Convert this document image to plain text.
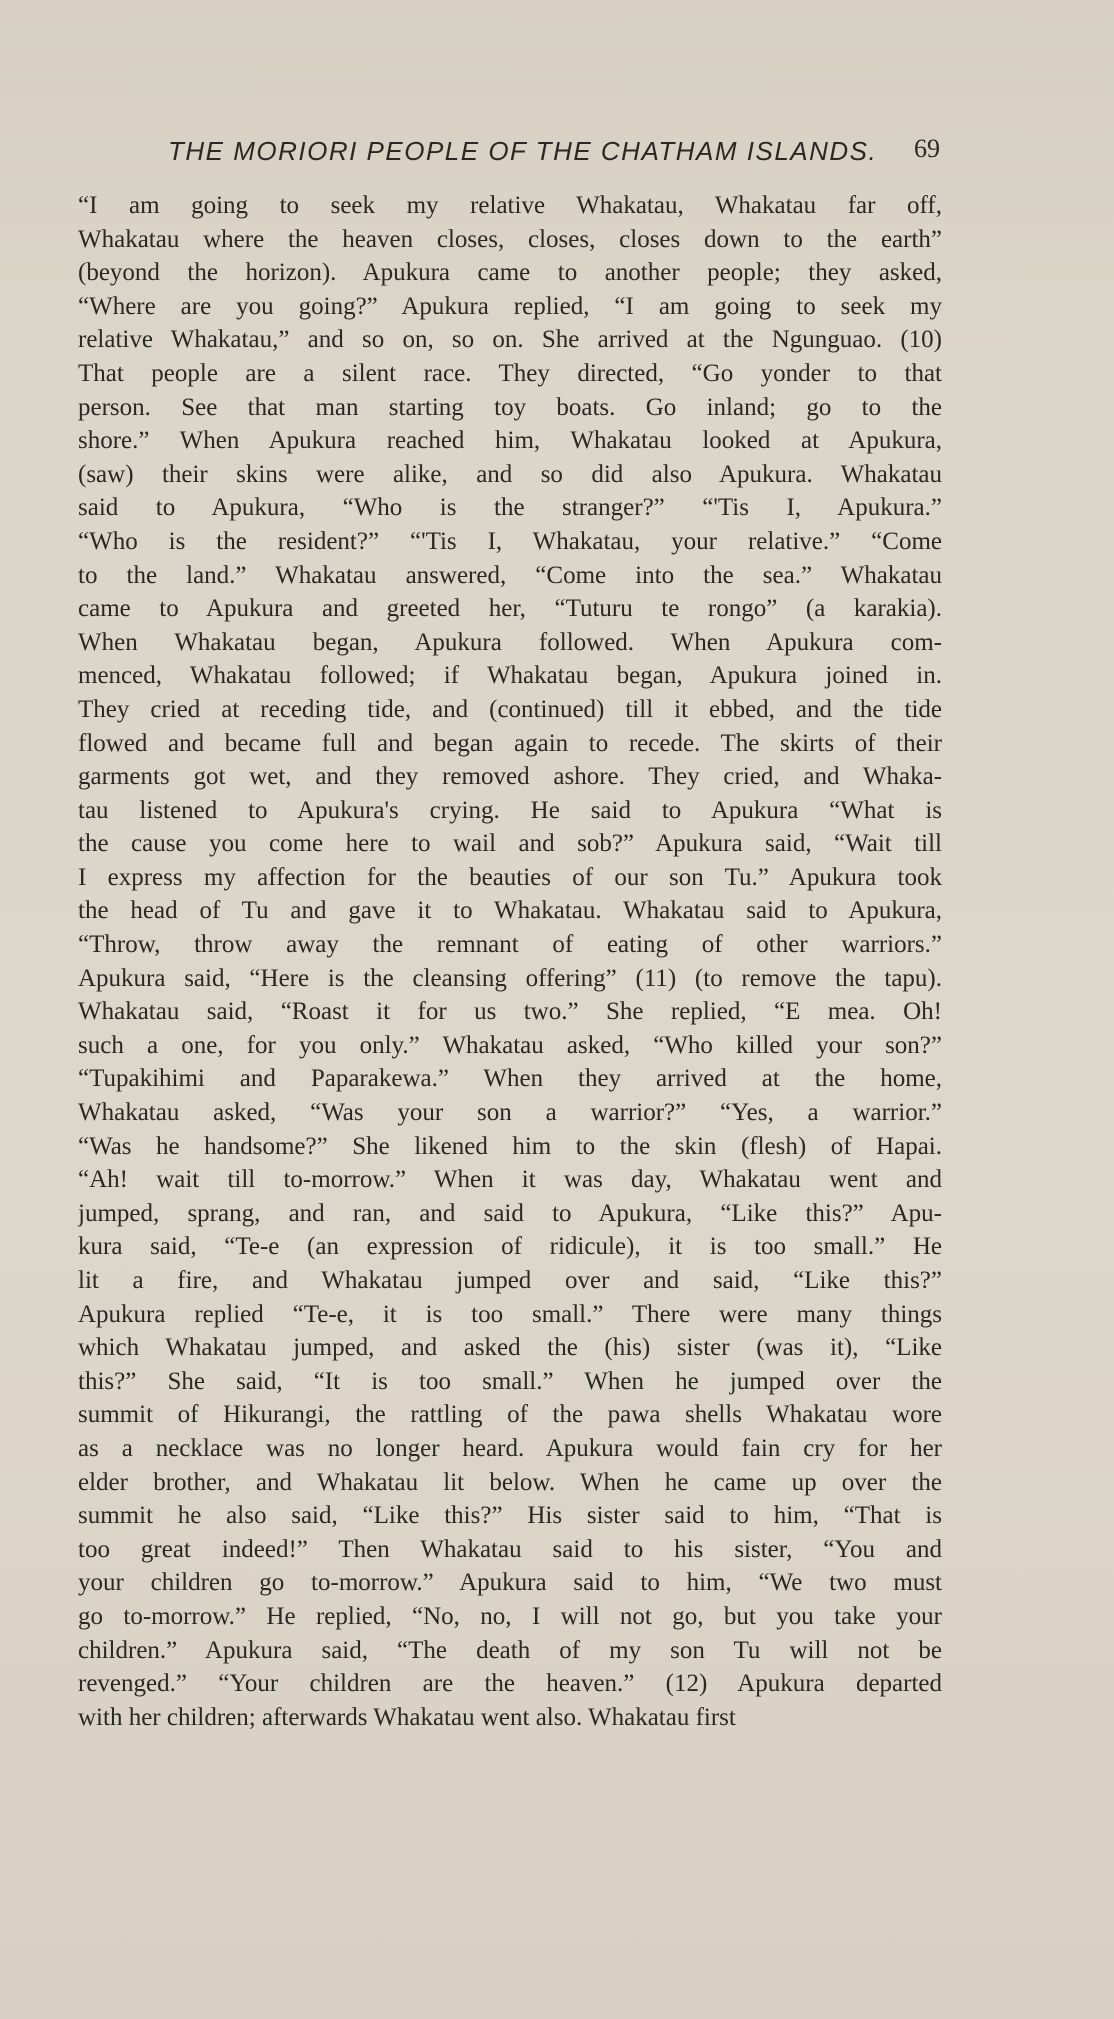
THE MORIORI PEOPLE OF THE CHATHAM ISLANDS. 69
“I am going to seek my relative Whakatau, Whakatau far off,
Whakatau where the heaven closes, closes, closes down to the earth”
(beyond the horizon). Apukura came to another people; they asked,
“Where are you going?” Apukura replied, “I am going to seek my
relative Whakatau,” and so on, so on. She arrived at the Ngunguao. (10)
That people are a silent race. They directed, “Go yonder to that
person. See that man starting toy boats. Go inland; go to the
shore.” When Apukura reached him, Whakatau looked at Apukura,
(saw) their skins were alike, and so did also Apukura. Whakatau
said to Apukura, “Who is the stranger?” “'Tis I, Apukura.”
“Who is the resident?” “'Tis I, Whakatau, your relative.” “Come
to the land.” Whakatau answered, “Come into the sea.” Whakatau
came to Apukura and greeted her, “Tuturu te rongo” (a karakia).
When Whakatau began, Apukura followed. When Apukura com-
menced, Whakatau followed; if Whakatau began, Apukura joined in.
They cried at receding tide, and (continued) till it ebbed, and the tide
flowed and became full and began again to recede. The skirts of their
garments got wet, and they removed ashore. They cried, and Whaka-
tau listened to Apukura's crying. He said to Apukura “What is
the cause you come here to wail and sob?” Apukura said, “Wait till
I express my affection for the beauties of our son Tu.” Apukura took
the head of Tu and gave it to Whakatau. Whakatau said to Apukura,
“Throw, throw away the remnant of eating of other warriors.”
Apukura said, “Here is the cleansing offering” (11) (to remove the tapu).
Whakatau said, “Roast it for us two.” She replied, “E mea. Oh!
such a one, for you only.” Whakatau asked, “Who killed your son?”
“Tupakihimi and Paparakewa.” When they arrived at the home,
Whakatau asked, “Was your son a warrior?” “Yes, a warrior.”
“Was he handsome?” She likened him to the skin (flesh) of Hapai.
“Ah! wait till to-morrow.” When it was day, Whakatau went and
jumped, sprang, and ran, and said to Apukura, “Like this?” Apu-
kura said, “Te-e (an expression of ridicule), it is too small.” He
lit a fire, and Whakatau jumped over and said, “Like this?”
Apukura replied “Te-e, it is too small.” There were many things
which Whakatau jumped, and asked the (his) sister (was it), “Like
this?” She said, “It is too small.” When he jumped over the
summit of Hikurangi, the rattling of the pawa shells Whakatau wore
as a necklace was no longer heard. Apukura would fain cry for her
elder brother, and Whakatau lit below. When he came up over the
summit he also said, “Like this?” His sister said to him, “That is
too great indeed!” Then Whakatau said to his sister, “You and
your children go to-morrow.” Apukura said to him, “We two must
go to-morrow.” He replied, “No, no, I will not go, but you take your
children.” Apukura said, “The death of my son Tu will not be
revenged.” “Your children are the heaven.” (12) Apukura departed
with her children; afterwards Whakatau went also. Whakatau first
